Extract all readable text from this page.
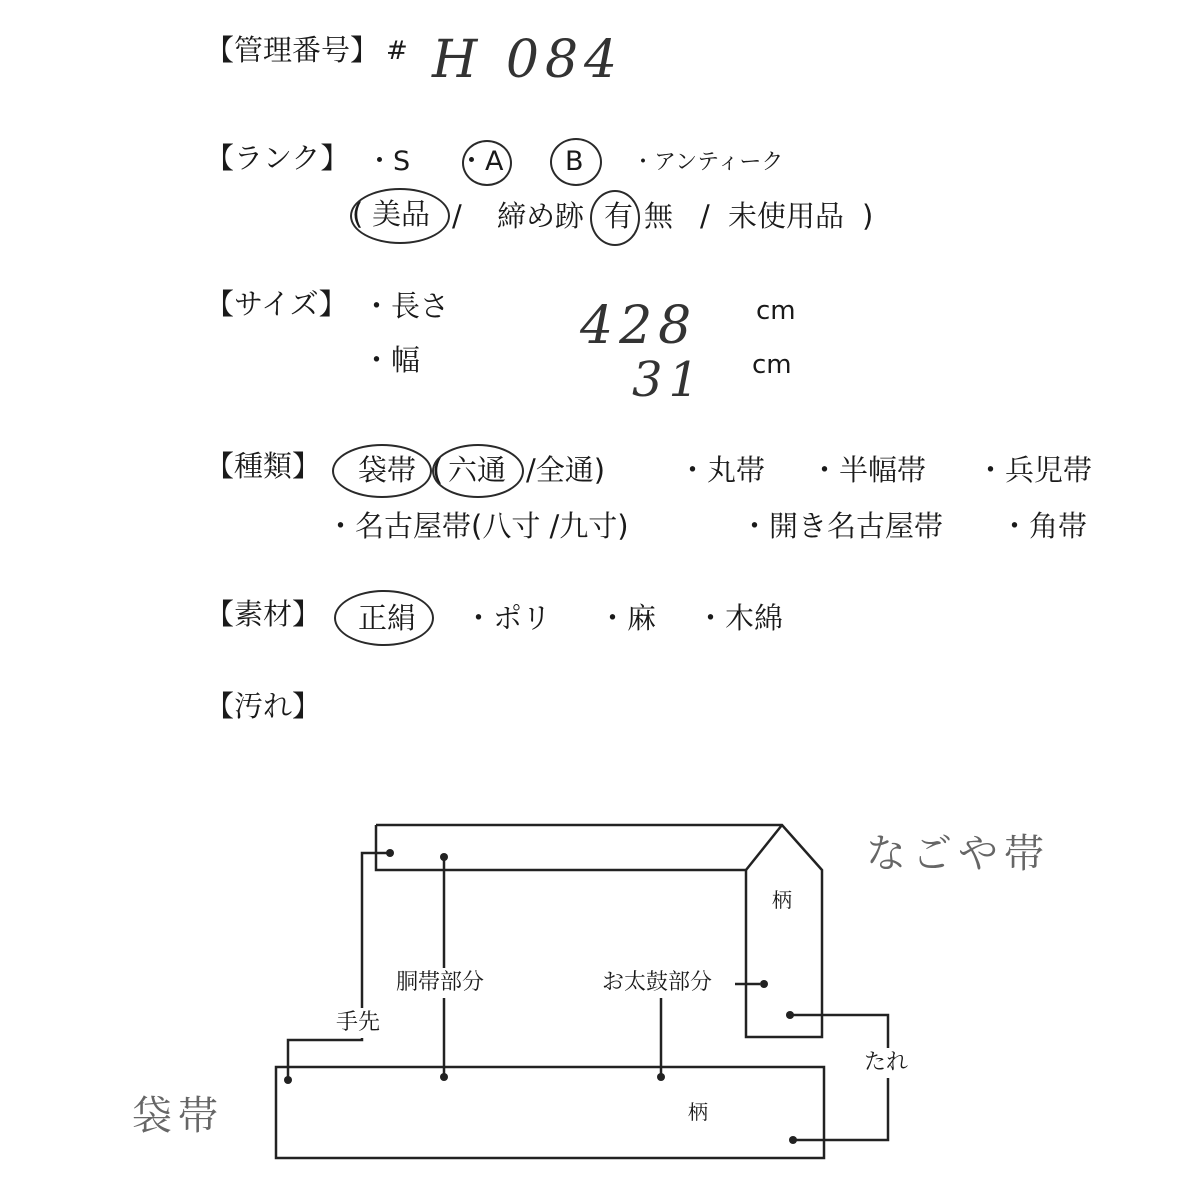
【管理番号】 # H 084
【ランク】 ・S ・A B ・アンティーク
( 美品 / 締め跡 有 無 / 未使用品 )
【サイズ】 ・長さ	428 cm
・幅	31 cm
【種類】 袋帯 ( 六通 /全通)	・丸帯 ・半幅帯 ・兵児帯
・名古屋帯(八寸 /九寸)	・開き名古屋帯 ・角帯
【素材】 正絹 ・ポリ ・麻 ・木綿
【汚れ】
なごや帯
袋帯
柄
柄
胴帯部分	お太鼓部分
手先
たれ
